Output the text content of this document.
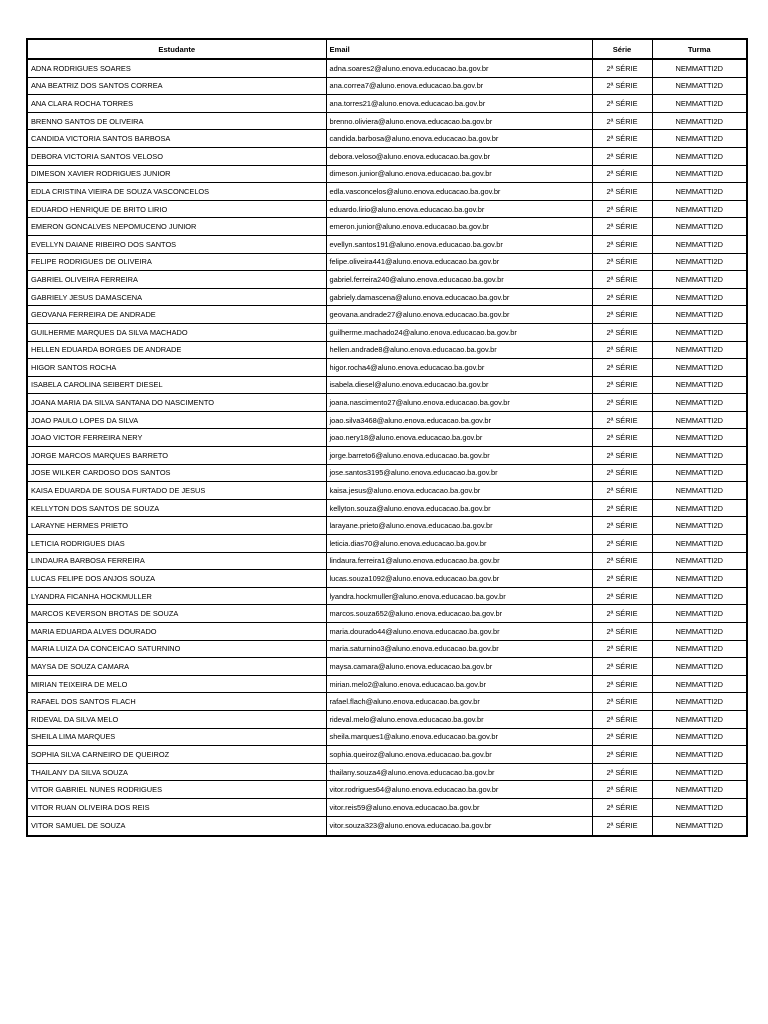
Estudante	Email	Série	Turma
ADNA RODRIGUES SOARES	adna.soares2@aluno.enova.educacao.ba.gov.br	2ª SÉRIE	NEMMATTI2D
ANA BEATRIZ DOS SANTOS CORREA	ana.correa7@aluno.enova.educacao.ba.gov.br	2ª SÉRIE	NEMMATTI2D
ANA CLARA ROCHA TORRES	ana.torres21@aluno.enova.educacao.ba.gov.br	2ª SÉRIE	NEMMATTI2D
BRENNO SANTOS DE OLIVEIRA	brenno.oliviera@aluno.enova.educacao.ba.gov.br	2ª SÉRIE	NEMMATTI2D
CANDIDA VICTORIA SANTOS BARBOSA	candida.barbosa@aluno.enova.educacao.ba.gov.br	2ª SÉRIE	NEMMATTI2D
DEBORA VICTORIA SANTOS VELOSO	debora.veloso@aluno.enova.educacao.ba.gov.br	2ª SÉRIE	NEMMATTI2D
DIMESON XAVIER RODRIGUES JUNIOR	dimeson.junior@aluno.enova.educacao.ba.gov.br	2ª SÉRIE	NEMMATTI2D
EDLA CRISTINA VIEIRA DE SOUZA VASCONCELOS	edla.vasconcelos@aluno.enova.educacao.ba.gov.br	2ª SÉRIE	NEMMATTI2D
EDUARDO HENRIQUE DE BRITO LIRIO	eduardo.lirio@aluno.enova.educacao.ba.gov.br	2ª SÉRIE	NEMMATTI2D
EMERON GONCALVES NEPOMUCENO JUNIOR	emeron.junior@aluno.enova.educacao.ba.gov.br	2ª SÉRIE	NEMMATTI2D
EVELLYN DAIANE RIBEIRO DOS SANTOS	evellyn.santos191@aluno.enova.educacao.ba.gov.br	2ª SÉRIE	NEMMATTI2D
FELIPE RODRIGUES DE OLIVEIRA	felipe.oliveira441@aluno.enova.educacao.ba.gov.br	2ª SÉRIE	NEMMATTI2D
GABRIEL OLIVEIRA FERREIRA	gabriel.ferreira240@aluno.enova.educacao.ba.gov.br	2ª SÉRIE	NEMMATTI2D
GABRIELY JESUS DAMASCENA	gabriely.damascena@aluno.enova.educacao.ba.gov.br	2ª SÉRIE	NEMMATTI2D
GEOVANA FERREIRA DE ANDRADE	geovana.andrade27@aluno.enova.educacao.ba.gov.br	2ª SÉRIE	NEMMATTI2D
GUILHERME MARQUES DA SILVA MACHADO	guilherme.machado24@aluno.enova.educacao.ba.gov.br	2ª SÉRIE	NEMMATTI2D
HELLEN EDUARDA BORGES DE ANDRADE	hellen.andrade8@aluno.enova.educacao.ba.gov.br	2ª SÉRIE	NEMMATTI2D
HIGOR SANTOS ROCHA	higor.rocha4@aluno.enova.educacao.ba.gov.br	2ª SÉRIE	NEMMATTI2D
ISABELA CAROLINA SEIBERT DIESEL	isabela.diesel@aluno.enova.educacao.ba.gov.br	2ª SÉRIE	NEMMATTI2D
JOANA MARIA DA SILVA SANTANA DO NASCIMENTO	joana.nascimento27@aluno.enova.educacao.ba.gov.br	2ª SÉRIE	NEMMATTI2D
JOAO PAULO LOPES DA SILVA	joao.silva3468@aluno.enova.educacao.ba.gov.br	2ª SÉRIE	NEMMATTI2D
JOAO VICTOR FERREIRA NERY	joao.nery18@aluno.enova.educacao.ba.gov.br	2ª SÉRIE	NEMMATTI2D
JORGE MARCOS MARQUES BARRETO	jorge.barreto6@aluno.enova.educacao.ba.gov.br	2ª SÉRIE	NEMMATTI2D
JOSE WILKER CARDOSO DOS SANTOS	jose.santos3195@aluno.enova.educacao.ba.gov.br	2ª SÉRIE	NEMMATTI2D
KAISA EDUARDA DE SOUSA FURTADO DE JESUS	kaisa.jesus@aluno.enova.educacao.ba.gov.br	2ª SÉRIE	NEMMATTI2D
KELLYTON DOS SANTOS DE SOUZA	kellyton.souza@aluno.enova.educacao.ba.gov.br	2ª SÉRIE	NEMMATTI2D
LARAYNE HERMES PRIETO	larayane.prieto@aluno.enova.educacao.ba.gov.br	2ª SÉRIE	NEMMATTI2D
LETICIA RODRIGUES DIAS	leticia.dias70@aluno.enova.educacao.ba.gov.br	2ª SÉRIE	NEMMATTI2D
LINDAURA BARBOSA FERREIRA	lindaura.ferreira1@aluno.enova.educacao.ba.gov.br	2ª SÉRIE	NEMMATTI2D
LUCAS FELIPE DOS ANJOS SOUZA	lucas.souza1092@aluno.enova.educacao.ba.gov.br	2ª SÉRIE	NEMMATTI2D
LYANDRA FICANHA HOCKMULLER	lyandra.hockmuller@aluno.enova.educacao.ba.gov.br	2ª SÉRIE	NEMMATTI2D
MARCOS KEVERSON BROTAS DE SOUZA	marcos.souza652@aluno.enova.educacao.ba.gov.br	2ª SÉRIE	NEMMATTI2D
MARIA EDUARDA ALVES DOURADO	maria.dourado44@aluno.enova.educacao.ba.gov.br	2ª SÉRIE	NEMMATTI2D
MARIA LUIZA DA CONCEICAO SATURNINO	maria.saturnino3@aluno.enova.educacao.ba.gov.br	2ª SÉRIE	NEMMATTI2D
MAYSA DE SOUZA CAMARA	maysa.camara@aluno.enova.educacao.ba.gov.br	2ª SÉRIE	NEMMATTI2D
MIRIAN TEIXEIRA DE MELO	mirian.melo2@aluno.enova.educacao.ba.gov.br	2ª SÉRIE	NEMMATTI2D
RAFAEL DOS SANTOS FLACH	rafael.flach@aluno.enova.educacao.ba.gov.br	2ª SÉRIE	NEMMATTI2D
RIDEVAL DA SILVA MELO	rideval.melo@aluno.enova.educacao.ba.gov.br	2ª SÉRIE	NEMMATTI2D
SHEILA LIMA MARQUES	sheila.marques1@aluno.enova.educacao.ba.gov.br	2ª SÉRIE	NEMMATTI2D
SOPHIA SILVA CARNEIRO DE QUEIROZ	sophia.queiroz@aluno.enova.educacao.ba.gov.br	2ª SÉRIE	NEMMATTI2D
THAILANY DA SILVA SOUZA	thailany.souza4@aluno.enova.educacao.ba.gov.br	2ª SÉRIE	NEMMATTI2D
VITOR GABRIEL NUNES RODRIGUES	vitor.rodrigues64@aluno.enova.educacao.ba.gov.br	2ª SÉRIE	NEMMATTI2D
VITOR RUAN OLIVEIRA DOS REIS	vitor.reis59@aluno.enova.educacao.ba.gov.br	2ª SÉRIE	NEMMATTI2D
VITOR SAMUEL DE SOUZA	vitor.souza323@aluno.enova.educacao.ba.gov.br	2ª SÉRIE	NEMMATTI2D
